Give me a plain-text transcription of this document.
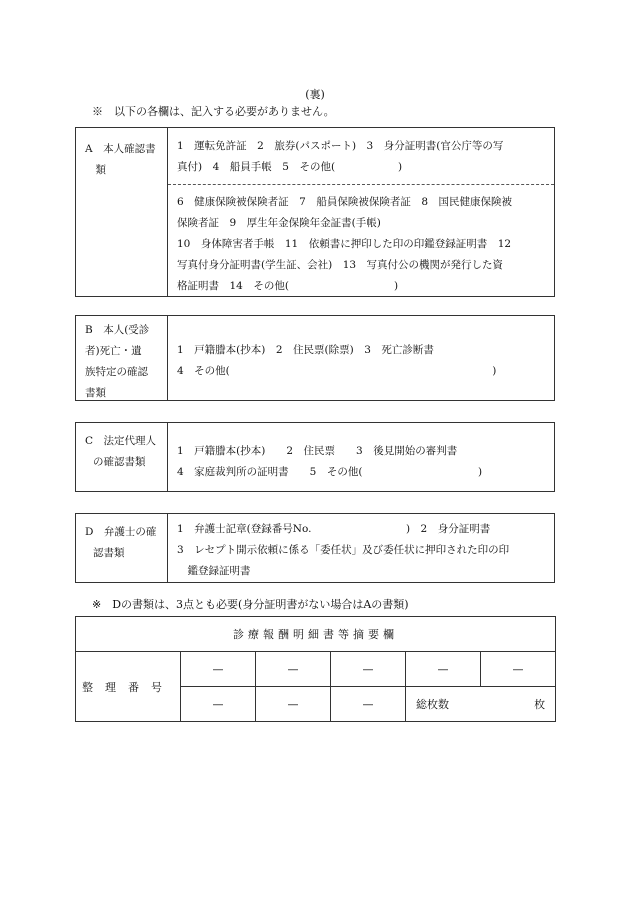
(裏)
※　以下の各欄は、記入する必要がありません。
A　本人確認書
　類
1　運転免許証　2　旅券(パスポート)　3　身分証明書(官公庁等の写
真付)　4　船員手帳　5　その他(　　　　　　)
6　健康保険被保険者証　7　船員保険被保険者証　8　国民健康保険被
保険者証　9　厚生年金保険年金証書(手帳)
10　身体障害者手帳　11　依頼書に押印した印の印鑑登録証明書　12
写真付身分証明書(学生証、会社)　13　写真付公の機関が発行した資
格証明書　14　その他(　　　　　　　　　　)
B　本人(受診
者)死亡・遺
族特定の確認
書類
1　戸籍謄本(抄本)　2　住民票(除票)　3　死亡診断書
4　その他(　　　　　　　　　　　　　　　　　　　　　　　　　)
C　法定代理人
の確認書類
1　戸籍謄本(抄本)　　2　住民票　　3　後見開始の審判書
4　家庭裁判所の証明書　　5　その他(　　　　　　　　　　　)
D　弁護士の確
認書類
1　弁護士記章(登録番号No.　　　　　　　　　)　2　身分証明書
3　レセプト開示依頼に係る「委任状」及び委任状に押印された印の印
　鑑登録証明書
※　Dの書類は、3点とも必要(身分証明書がない場合はAの書類)
診療報酬明細書等摘要欄					
整理番号	—	—	—	—	—
	—	—	—	総枚数 枚	
